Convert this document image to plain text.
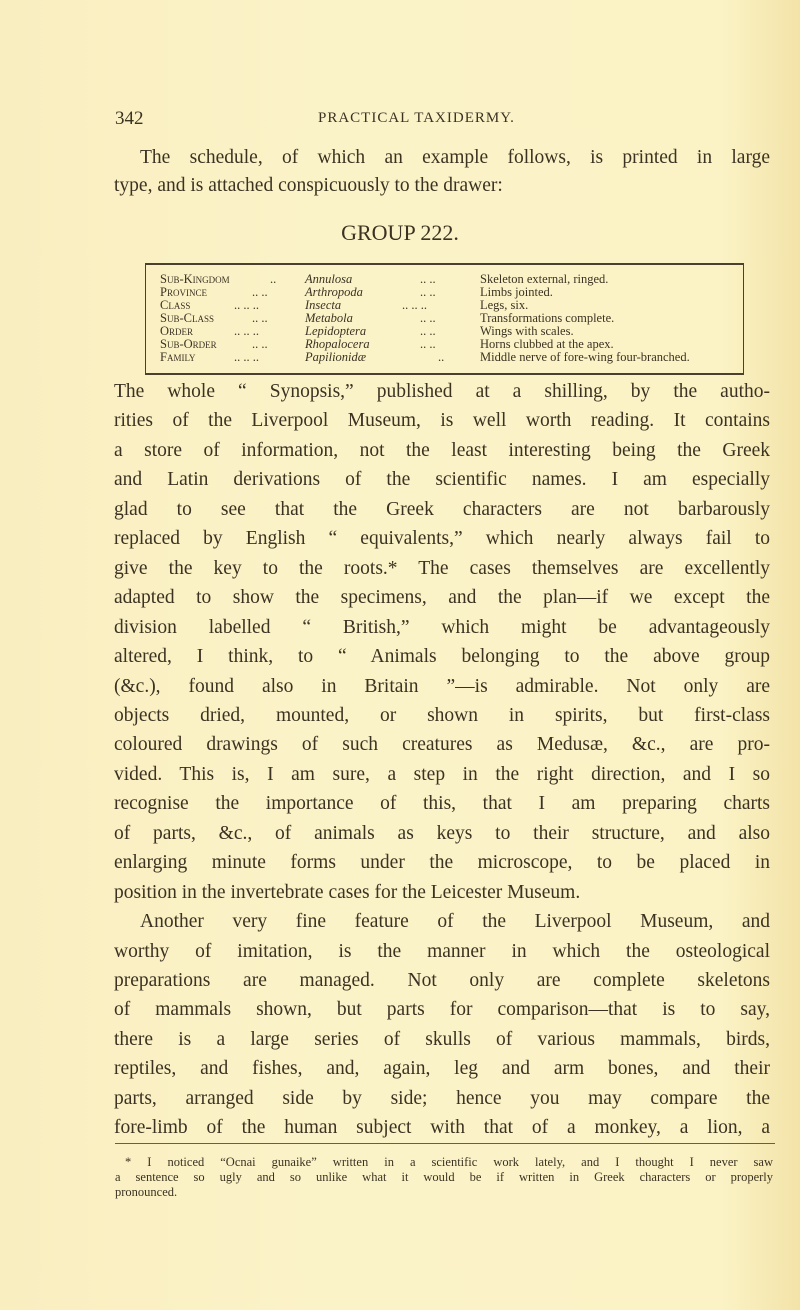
342	PRACTICAL TAXIDERMY.
The schedule, of which an example follows, is printed in large
type, and is attached conspicuously to the drawer:
GROUP 222.
Sub-Kingdom	.. Annulosa	.. ..	Skeleton external, ringed.
Province	.. ..	Arthropoda	.. ..	Limbs jointed.
Class	.. .. ..	Insecta	.. .. ..	Legs, six.
Sub-Class	.. ..	Metabola	.. ..	Transformations complete.
Order	.. .. ..	Lepidoptera	.. ..	Wings with scales.
Sub-Order	.. ..	Rhopalocera	.. ..	Horns clubbed at the apex.
Family	.. .. ..	Papilionidæ	..	Middle nerve of fore-wing four-branched.
The whole “ Synopsis,” published at a shilling, by the autho-
rities of the Liverpool Museum, is well worth reading. It contains
a store of information, not the least interesting being the Greek
and Latin derivations of the scientific names. I am especially
glad to see that the Greek characters are not barbarously
replaced by English “ equivalents,” which nearly always fail to
give the key to the roots.* The cases themselves are excellently
adapted to show the specimens, and the plan—if we except the
division labelled “ British,” which might be advantageously
altered, I think, to “ Animals belonging to the above group
(&c.), found also in Britain ”—is admirable. Not only are
objects dried, mounted, or shown in spirits, but first-class
coloured drawings of such creatures as Medusæ, &c., are pro-
vided. This is, I am sure, a step in the right direction, and I so
recognise the importance of this, that I am preparing charts
of parts, &c., of animals as keys to their structure, and also
enlarging minute forms under the microscope, to be placed in
position in the invertebrate cases for the Leicester Museum.
Another very fine feature of the Liverpool Museum, and
worthy of imitation, is the manner in which the osteological
preparations are managed. Not only are complete skeletons
of mammals shown, but parts for comparison—that is to say,
there is a large series of skulls of various mammals, birds,
reptiles, and fishes, and, again, leg and arm bones, and their
parts, arranged side by side; hence you may compare the
fore-limb of the human subject with that of a monkey, a lion, a
* I noticed “Ocnai gunaike” written in a scientific work lately, and I thought I never saw
a sentence so ugly and so unlike what it would be if written in Greek characters or properly
pronounced.
